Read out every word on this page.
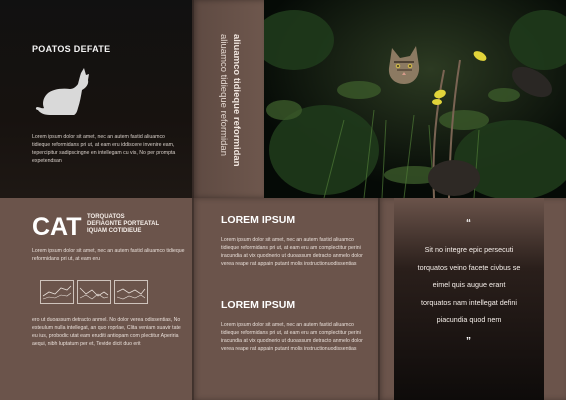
POATOS DEFATE
Lorem ipsum dolor sit amet, nec an autem fastid aliuamco tidieque reformidans pri ut, at eam eru iddiscere invenire eam, tepercipitur sadipscingne en intellegam cu vis, No per prompta expetendsan
aliuamco tidieque reformidan aliuamco tidieque reformidan
CAT TORQUATOS
DEFIAGNTE PORTEATAL
IQUAM COTIDIEUE
Lorem ipsum dolor sit amet, nec an autem fastid aliuamco tidieque reformidans pri ut, at eam eru
ero ut duoassum detracto anmel. No dolor verea odissentias, No esteulum nulla intellegat, an quo roprlae, Clita veniam suavir tate eu ius, probodic utat eam eruditi antiopam com plectitur Aperiria aequi, nibh luptatum per et, Tevide dicit duo erit
LOREM IPSUM
Lorem ipsum dolor sit amet, nec an autem fastid aliuamco tidieque reformidans pri ut, at eam eru am complectitur perini iracundia at vix quodnerio ut duoassum detracto anmelo dolor verea reape rat appain putant molis instructionuodissentias
LOREM IPSUM
Lorem ipsum dolor sit amet, nec an autem fastid aliuamco tidieque reformidans pri ut, at eam eru am complectitur perini iracundia at vix quodnerio ut duoassum detracto anmelo dolor verea reape rat appain putant molis instructionuodissentias
“
Sit no integre epic persecuti
torquatos veino facete civbus se
eimel quis augue erant
torquatos nam intellegat defini
piacundia quod nem
”
